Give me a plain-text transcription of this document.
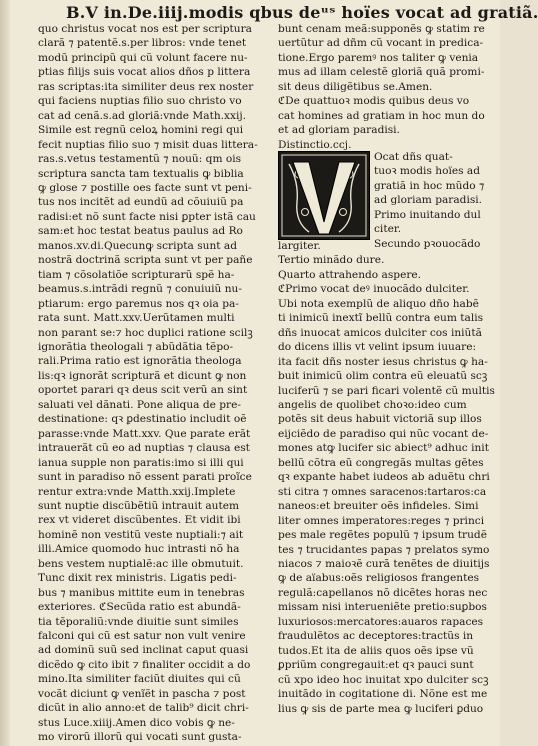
B.V in.De.iiij.modis qbus deᵘˢ hoïes vocat ad gratiã.
quo christus vocat nos est per scriptura
clarã ⁊ patentẽ.s.per libros: vnde tenet
modũ principũ qui cũ volunt facere nu-
ptias filijs suis vocat alios dños p littera
ras scriptas:ita similiter deus rex noster
qui faciens nuptias filio suo christo vo
cat ad cenã.s.ad gloriã:vnde Math.xxij.
Simile est regnũ celoꝝ homini regi qui
fecit nuptias filio suo ⁊ misit duas littera-
ras.s.vetus testamentũ ⁊ nouũ: qm ois
scriptura sancta tam textualis ꝙ biblia
ꝙ glose ⁊ postille oes facte sunt vt peni-
tus nos incitẽt ad eundũ ad cõuiuiũ pa
radisi:et nõ sunt facte nisi ꝑpter istã cau
sam:et hoc testat beatus paulus ad Ro
manos.xv.di.Quecunꝙ scripta sunt ad
nostrã doctrinã scripta sunt vt per pañe
tiam ⁊ cõsolatiõe scripturarũ spẽ ha-
beamus.s.intrãdi regnũ ⁊ conuiuiũ nu-
ptiarum: ergo paremus nos qꝛ oia pa-
rata sunt. Matt.xxv.Uerũtamen multi
non parant se:⁊ hoc duplici ratione scilꝫ
ignorãtia theologali ⁊ abũdãtia tẽpo-
rali.Prima ratio est ignorãtia theologa
lis:qꝛ ignorãt scripturã et dicunt ꝙ non
oportet parari qꝛ deus scit verũ an sint
saluati vel dãnati. Pone aliqua de pre-
destinatione: qꝛ ꝑdestinatio includit oẽ
parasse:vnde Matt.xxv. Que parate erãt
intrauerãt cũ eo ad nuptias ⁊ clausa est
ianua supple non paratis:imo si illi qui
sunt in paradiso nõ essent parati proĩce
rentur extra:vnde Matth.xxij.Implete
sunt nuptie discũbẽtiũ intrauit autem
rex vt videret discũbentes. Et vidit ibi
hominẽ non vestitũ veste nuptiali:⁊ ait
illi.Amice quomodo huc intrasti nõ ha
bens vestem nuptialẽ:ac ille obmutuit.
Tunc dixit rex ministris. Ligatis pedi-
bus ⁊ manibus mittite eum in tenebras
exteriores. ℭSecũda ratio est abundã-
tia tẽporaliũ:vnde diuitie sunt similes
falconi qui cũ est satur non vult venire
ad dominũ suũ sed inclinat caput quasi
dicẽdo ꝙ cito ibit ⁊ finaliter occidit a do
mino.Ita similiter faciũt diuites qui cũ
vocãt diciunt ꝙ venĩẽt in pascha ⁊ post
dicũt in alio anno:et de talib⁹ dicit chri-
stus Luce.xiiij.Amen dico vobis ꝙ ne-
mo virorũ illorũ qui vocati sunt gusta-
bunt cenam meã:supponẽs ꝙ statim re
uertũtur ad dñm cũ vocant in predica-
tione.Ergo paremꝰ nos taliter ꝙ venia
mus ad illam celestẽ gloriã quã promi-
sit deus diligẽtibus se.Amen.
ℭDe quattuoꝛ modis quibus deus vo
cat homines ad gratiam in hoc mun do
et ad gloriam paradisi.
Distinctio.ccj.
Ocat dñs quat-
tuoꝛ modis hoïes ad
gratiã in hoc mũdo ⁊
ad gloriam paradisi.
Primo inuitando dul
citer.
Secundo pꝛouocãdo
largiter.
Tertio minãdo dure.
Quarto attrahendo aspere.
ℭPrimo vocat deꝰ inuocãdo dulciter.
Ubi nota exemplũ de aliquo dño habẽ
ti inimicũ inextĩ bellũ contra eum talis
dñs inuocat amicos dulciter cos iniũtã
do dicens illis vt velint ipsum iuuare:
ita facit dñs noster iesus christus ꝙ ha-
buit inimicũ olim contra eũ eleuatũ scꝫ
luciferũ ⁊ se pari ficari volentẽ cũ multis
angelis de quolibet choꝛo:ideo cum
potẽs sit deus habuit victoriã sup illos
eijciẽdo de paradiso qui nũc vocant de-
mones atꝙ lucifer sic abiect⁹ adhuc init
bellũ cõtra eũ congregãs multas gẽtes
qꝛ expante habet iudeos ab aduẽtu chri
sti citra ⁊ omnes saracenos:tartaros:ca
naneos:et breuiter oẽs infideles. Simi
liter omnes imperatores:reges ⁊ princi
pes male regẽtes populũ ⁊ ipsum trudẽ
tes ⁊ trucidantes papas ⁊ prelatos symo
niacos ⁊ maioꝛẽ curã tenẽtes de diuitijs
ꝙ de aïabus:oẽs religiosos frangentes
regulã:capellanos nõ dicẽtes horas nec
missam nisi interueniẽte pretio:suꝑbos
luxuriosos:mercatores:auaros rapaces
fraudulẽtos ac deceptores:tractũs in
tudos.Et ita de aliis quos oẽs ipse vũ
ꝑpriũm congregauit:et qꝛ pauci sunt
cũ xpo ideo hoc inuitat xpo dulciter scꝫ
inuitãdo in cogitatione di. Nõne est me
lius ꝙ sis de parte mea ꝙ luciferi ꝑduo
